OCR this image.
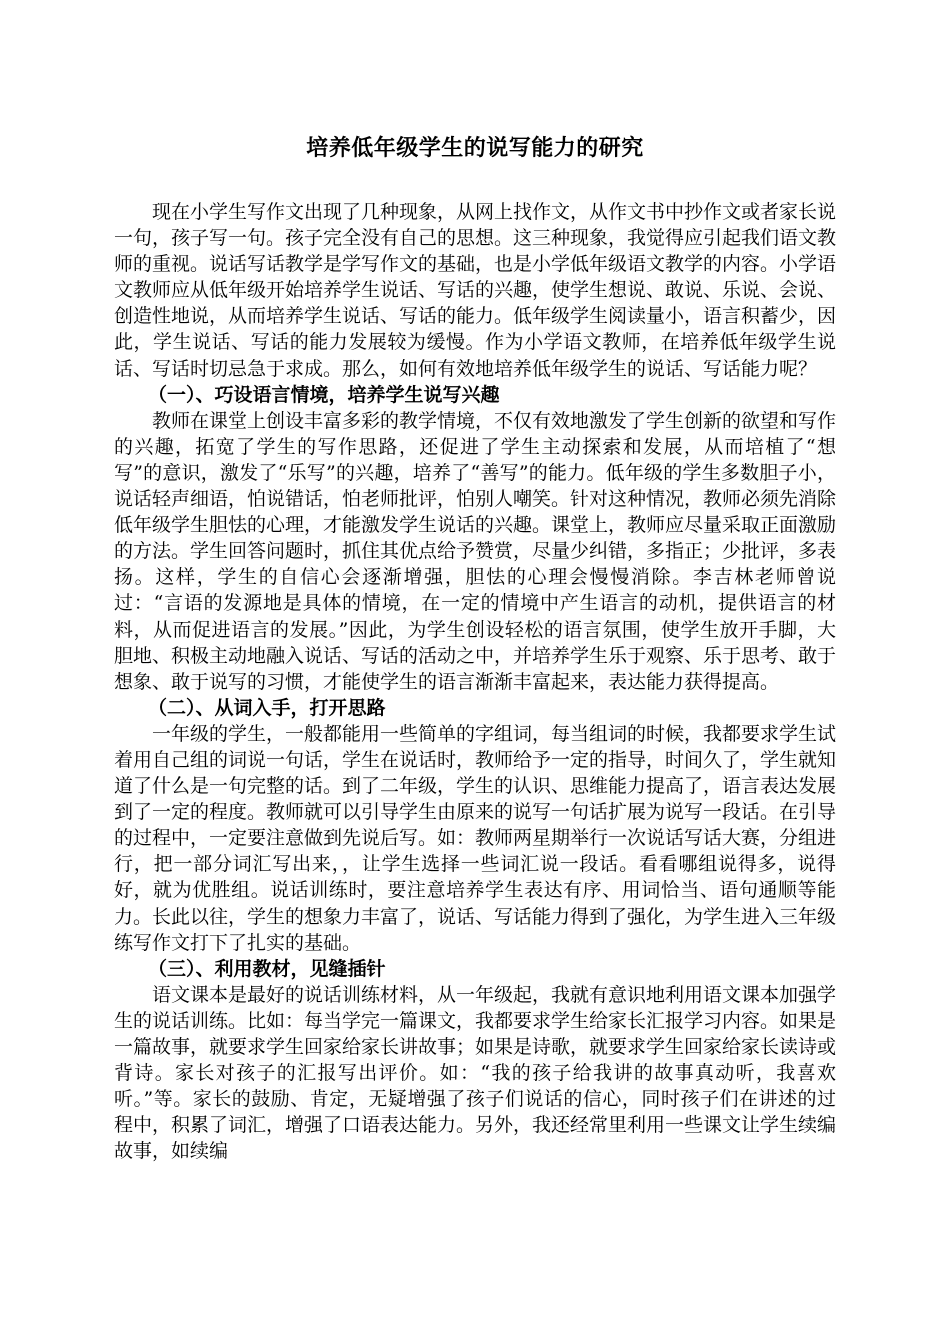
培养低年级学生的说写能力的研究

现在小学生写作文出现了几种现象，从网上找作文，从作文书中抄作文或者家长说一句，孩子写一句。孩子完全没有自己的思想。这三种现象，我觉得应引起我们语文教师的重视。说话写话教学是学写作文的基础，也是小学低年级语文教学的内容。小学语文教师应从低年级开始培养学生说话、写话的兴趣，使学生想说、敢说、乐说、会说、创造性地说，从而培养学生说话、写话的能力。低年级学生阅读量小，语言积蓄少，因此，学生说话、写话的能力发展较为缓慢。作为小学语文教师，在培养低年级学生说话、写话时切忌急于求成。那么，如何有效地培养低年级学生的说话、写话能力呢？

（一）、巧设语言情境，培养学生说写兴趣

教师在课堂上创设丰富多彩的教学情境，不仅有效地激发了学生创新的欲望和写作的兴趣，拓宽了学生的写作思路，还促进了学生主动探索和发展，从而培植了“想写”的意识，激发了“乐写”的兴趣，培养了“善写”的能力。低年级的学生多数胆子小，说话轻声细语，怕说错话，怕老师批评，怕别人嘲笑。针对这种情况，教师必须先消除低年级学生胆怯的心理，才能激发学生说话的兴趣。课堂上，教师应尽量采取正面激励的方法。学生回答问题时，抓住其优点给予赞赏，尽量少纠错，多指正；少批评，多表扬。这样，学生的自信心会逐渐增强，胆怯的心理会慢慢消除。李吉林老师曾说过：“言语的发源地是具体的情境，在一定的情境中产生语言的动机，提供语言的材料，从而促进语言的发展。”因此，为学生创设轻松的语言氛围，使学生放开手脚，大胆地、积极主动地融入说话、写话的活动之中，并培养学生乐于观察、乐于思考、敢于想象、敢于说写的习惯，才能使学生的语言渐渐丰富起来，表达能力获得提高。

（二）、从词入手，打开思路

一年级的学生，一般都能用一些简单的字组词，每当组词的时候，我都要求学生试着用自己组的词说一句话，学生在说话时，教师给予一定的指导，时间久了，学生就知道了什么是一句完整的话。到了二年级，学生的认识、思维能力提高了，语言表达发展到了一定的程度。教师就可以引导学生由原来的说写一句话扩展为说写一段话。在引导的过程中，一定要注意做到先说后写。如：教师两星期举行一次说话写话大赛，分组进行，把一部分词汇写出来，，让学生选择一些词汇说一段话。看看哪组说得多，说得好，就为优胜组。说话训练时，要注意培养学生表达有序、用词恰当、语句通顺等能力。长此以往，学生的想象力丰富了，说话、写话能力得到了强化，为学生进入三年级练写作文打下了扎实的基础。

（三）、利用教材，见缝插针

语文课本是最好的说话训练材料，从一年级起，我就有意识地利用语文课本加强学生的说话训练。比如：每当学完一篇课文，我都要求学生给家长汇报学习内容。如果是一篇故事，就要求学生回家给家长讲故事；如果是诗歌，就要求学生回家给家长读诗或背诗。家长对孩子的汇报写出评价。如：“我的孩子给我讲的故事真动听，我喜欢听。”等。家长的鼓励、肯定，无疑增强了孩子们说话的信心，同时孩子们在讲述的过程中，积累了词汇，增强了口语表达能力。另外，我还经常里利用一些课文让学生续编故事，如续编
